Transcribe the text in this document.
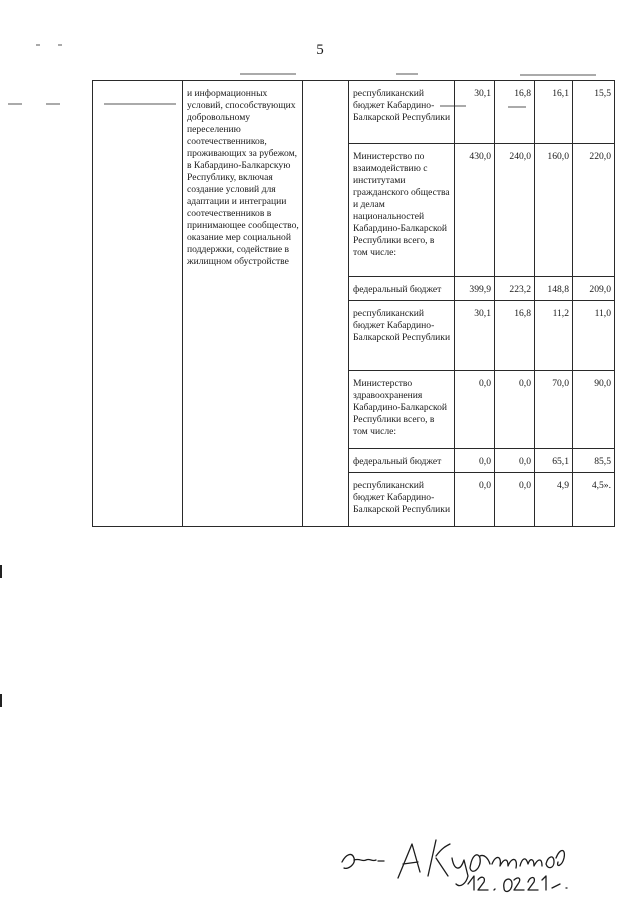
5
	и информационных условий, способствующих добровольному переселению соотечественников, проживающих за рубежом, в Кабардино-Балкарскую Республику, включая создание условий для адаптации и интеграции соотечественников в принимающее сообщество, оказание мер социальной поддержки, содействие в жилищном обустройстве		республиканский бюджет Кабардино-Балкарской Республики	30,1	16,8	16,1	15,5
			Министерство по взаимодействию с институтами гражданского общества и делам национальностей Кабардино-Балкарской Республики всего, в том числе:	430,0	240,0	160,0	220,0
			федеральный бюджет	399,9	223,2	148,8	209,0
			республиканский бюджет Кабардино-Балкарской Республики	30,1	16,8	11,2	11,0
			Министерство здравоохранения Кабардино-Балкарской Республики всего, в том числе:	0,0	0,0	70,0	90,0
			федеральный бюджет	0,0	0,0	65,1	85,5
			республиканский бюджет Кабардино-Балкарской Республики	0,0	0,0	4,9	4,5».
